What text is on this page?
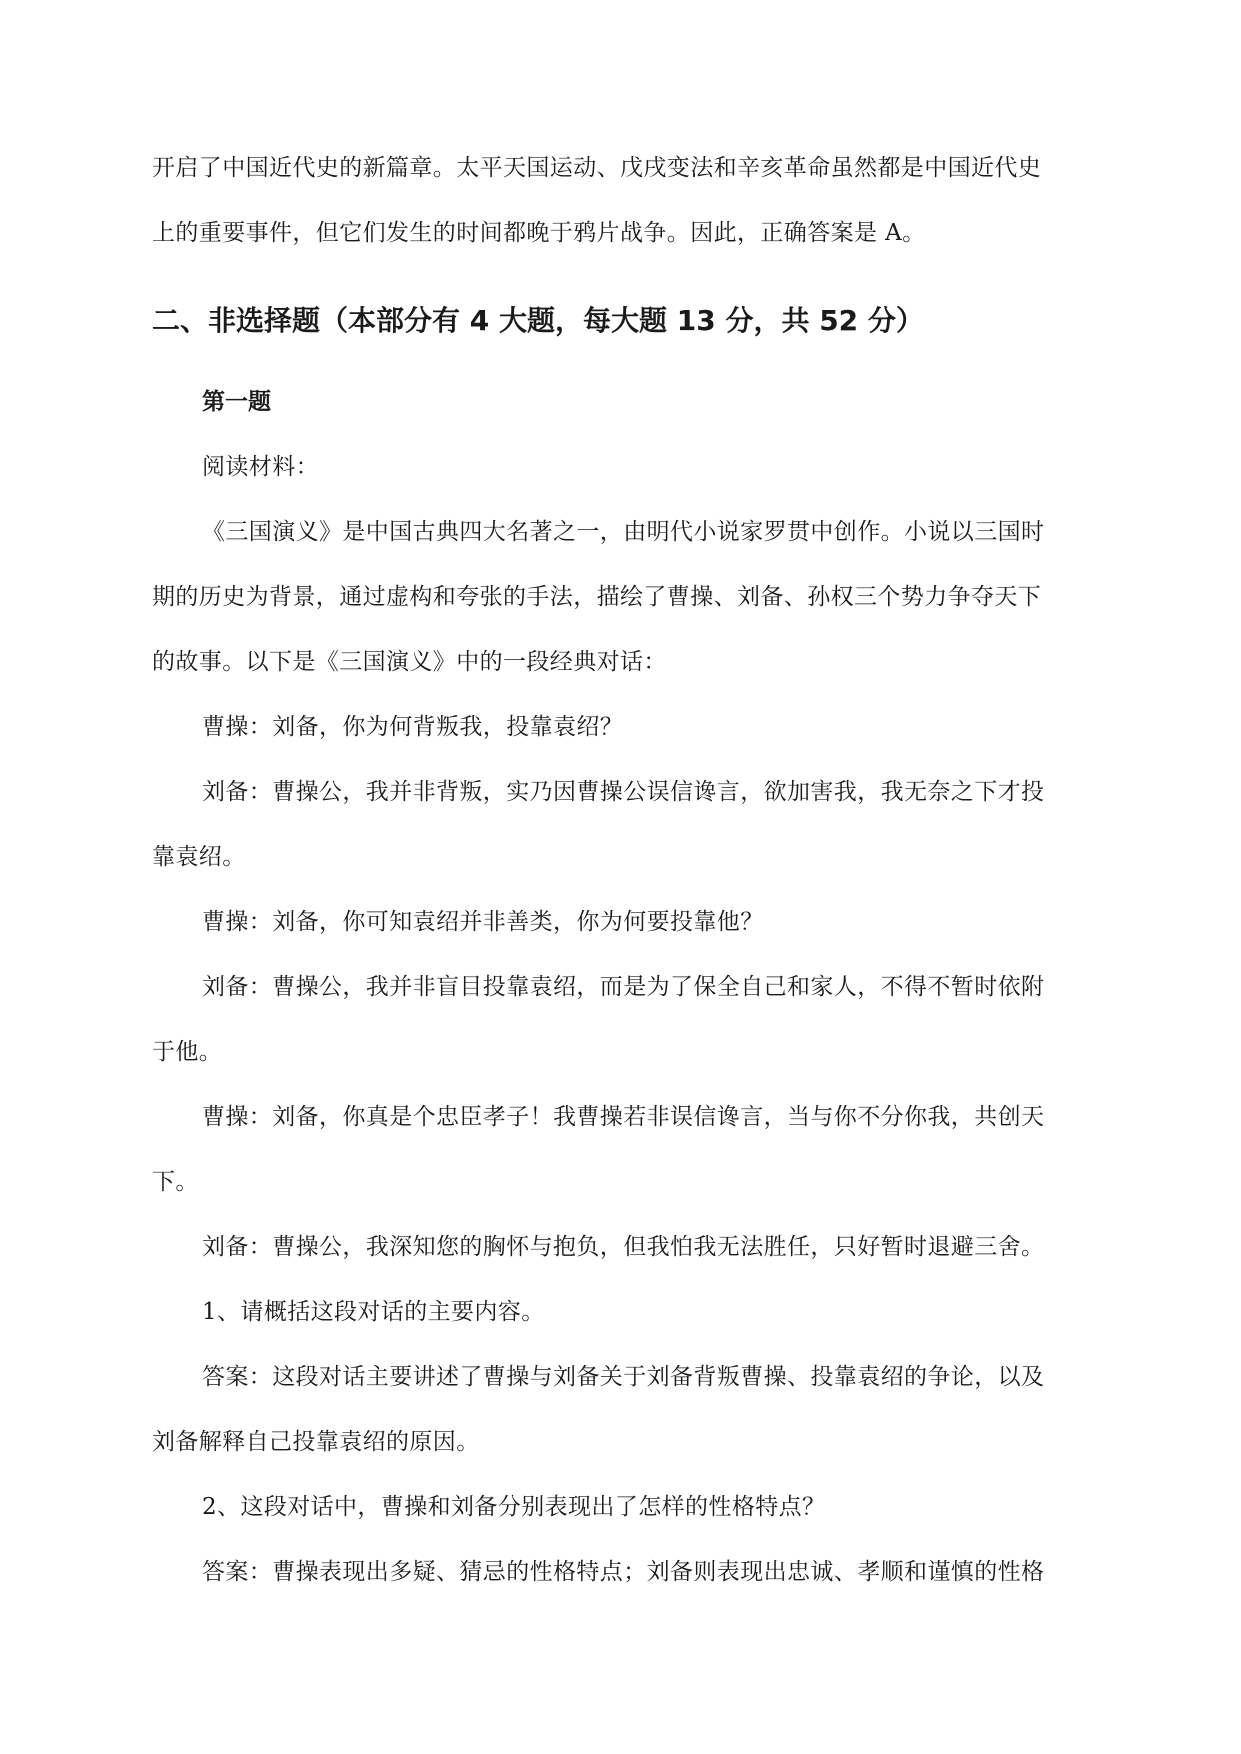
开启了中国近代史的新篇章。太平天国运动、戊戌变法和辛亥革命虽然都是中国近代史
上的重要事件，但它们发生的时间都晚于鸦片战争。因此，正确答案是 A。
二、非选择题（本部分有 4 大题，每大题 13 分，共 52 分）
第一题
阅读材料：
《三国演义》是中国古典四大名著之一，由明代小说家罗贯中创作。小说以三国时
期的历史为背景，通过虚构和夸张的手法，描绘了曹操、刘备、孙权三个势力争夺天下
的故事。以下是《三国演义》中的一段经典对话：
曹操：刘备，你为何背叛我，投靠袁绍？
刘备：曹操公，我并非背叛，实乃因曹操公误信谗言，欲加害我，我无奈之下才投
靠袁绍。
曹操：刘备，你可知袁绍并非善类，你为何要投靠他？
刘备：曹操公，我并非盲目投靠袁绍，而是为了保全自己和家人，不得不暂时依附
于他。
曹操：刘备，你真是个忠臣孝子！我曹操若非误信谗言，当与你不分你我，共创天
下。
刘备：曹操公，我深知您的胸怀与抱负，但我怕我无法胜任，只好暂时退避三舍。
1、请概括这段对话的主要内容。
答案：这段对话主要讲述了曹操与刘备关于刘备背叛曹操、投靠袁绍的争论，以及
刘备解释自己投靠袁绍的原因。
2、这段对话中，曹操和刘备分别表现出了怎样的性格特点？
答案：曹操表现出多疑、猜忌的性格特点；刘备则表现出忠诚、孝顺和谨慎的性格
